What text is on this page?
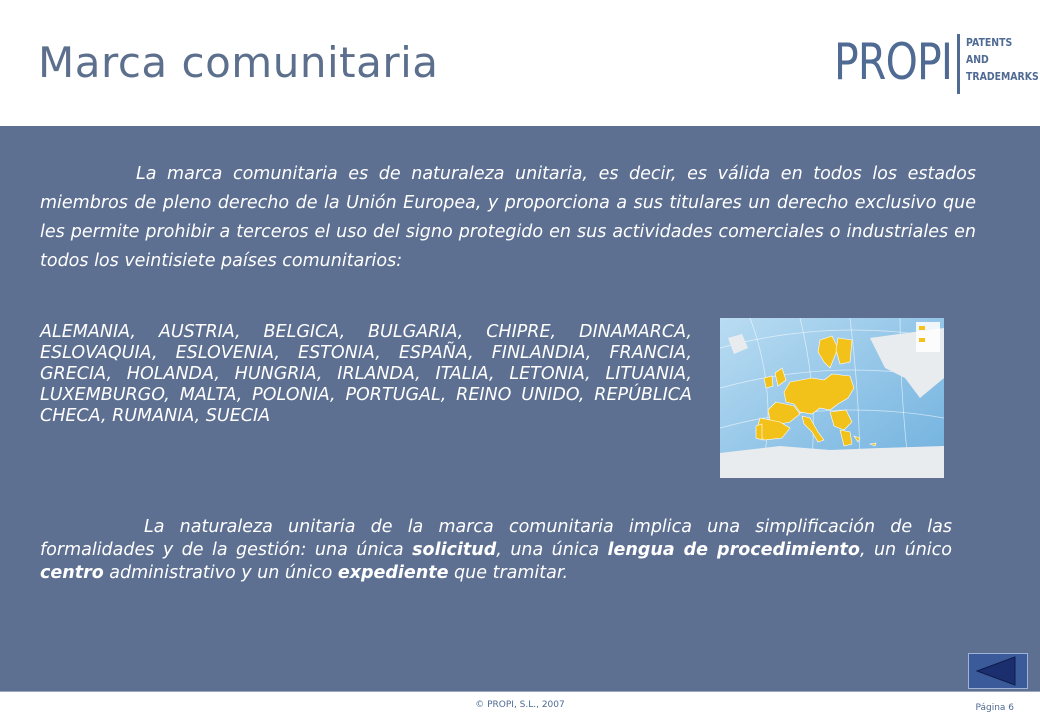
Marca comunitaria	PROPI PATENTS
AND
TRADEMARKS
La marca comunitaria es de naturaleza unitaria, es decir, es válida en todos los estados miembros de pleno derecho de la Unión Europea, y proporciona a sus titulares un derecho exclusivo que les permite prohibir a terceros el uso del signo protegido en sus actividades comerciales o industriales en todos los veintisiete países comunitarios:
ALEMANIA, AUSTRIA, BELGICA, BULGARIA, CHIPRE, DINAMARCA, ESLOVAQUIA, ESLOVENIA, ESTONIA, ESPAÑA, FINLANDIA, FRANCIA, GRECIA, HOLANDA, HUNGRIA, IRLANDA, ITALIA, LETONIA, LITUANIA, LUXEMBURGO, MALTA, POLONIA, PORTUGAL, REINO UNIDO, REPÚBLICA CHECA, RUMANIA, SUECIA
La naturaleza unitaria de la marca comunitaria implica una simplificación de las formalidades y de la gestión: una única solicitud, una única lengua de procedimiento, un único centro administrativo y un único expediente que tramitar.
© PROPI, S.L., 2007	Página 6
